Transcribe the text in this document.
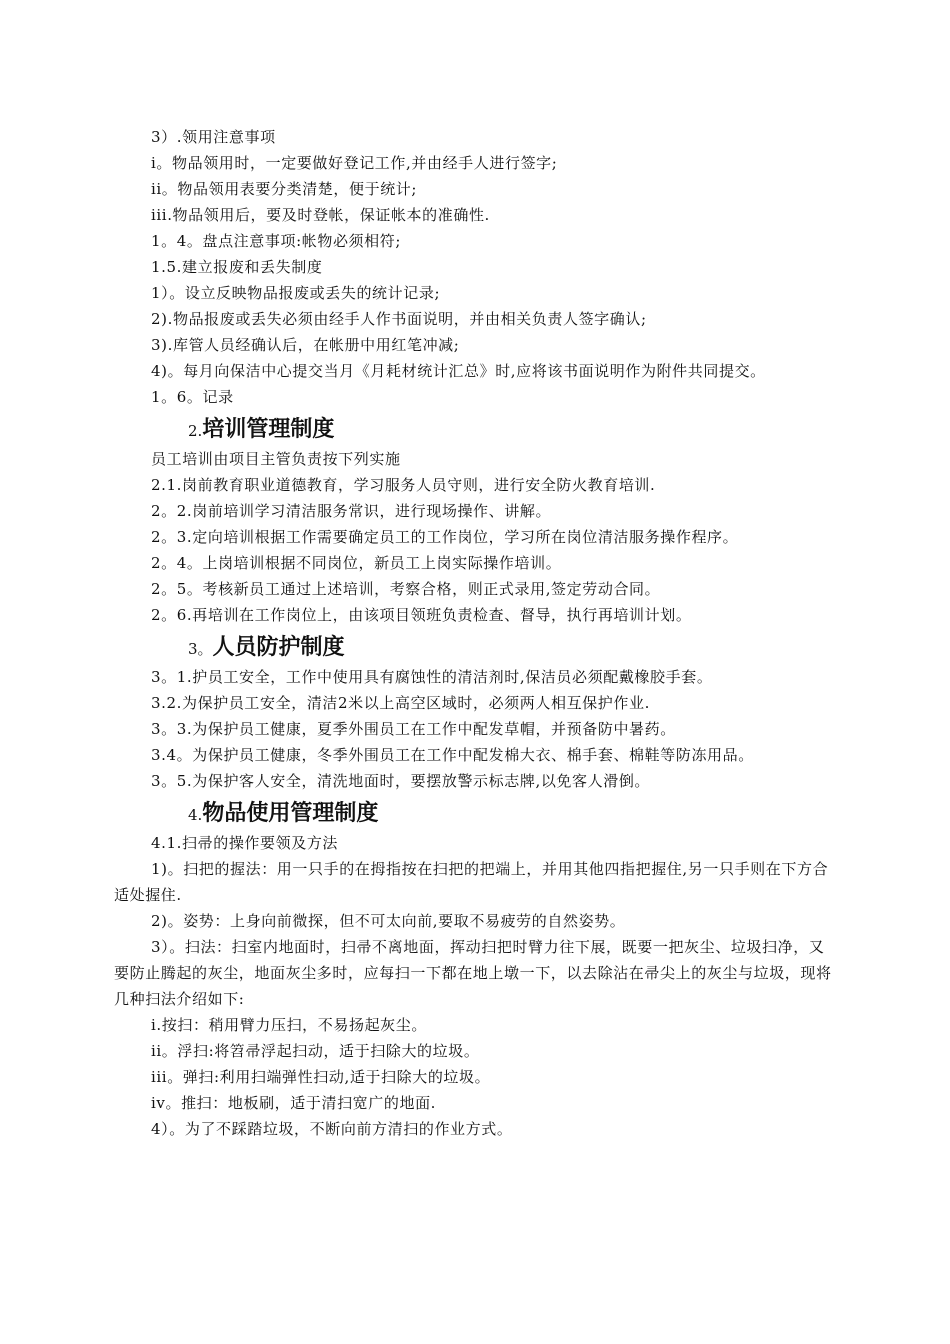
3）.领用注意事项

i。物品领用时，一定要做好登记工作,并由经手人进行签字;

ii。物品领用表要分类清楚，便于统计;

iii.物品领用后，要及时登帐，保证帐本的准确性.

1。4。盘点注意事项:帐物必须相符;

1.5.建立报废和丢失制度

1）。设立反映物品报废或丢失的统计记录;

2).物品报废或丢失必须由经手人作书面说明，并由相关负责人签字确认;

3).库管人员经确认后，在帐册中用红笔冲减;

4)。每月向保洁中心提交当月《月耗材统计汇总》时,应将该书面说明作为附件共同提交。

1。6。记录

2.培训管理制度

员工培训由项目主管负责按下列实施

2.1.岗前教育职业道德教育，学习服务人员守则，进行安全防火教育培训.

2。2.岗前培训学习清洁服务常识，进行现场操作、讲解。

2。3.定向培训根据工作需要确定员工的工作岗位，学习所在岗位清洁服务操作程序。

2。4。上岗培训根据不同岗位，新员工上岗实际操作培训。

2。5。考核新员工通过上述培训，考察合格，则正式录用,签定劳动合同。

2。6.再培训在工作岗位上，由该项目领班负责检查、督导，执行再培训计划。

3。人员防护制度

3。1.护员工安全，工作中使用具有腐蚀性的清洁剂时,保洁员必须配戴橡胶手套。

3.2.为保护员工安全，清洁2米以上高空区域时，必须两人相互保护作业.

3。3.为保护员工健康，夏季外围员工在工作中配发草帽，并预备防中暑药。

3.4。为保护员工健康，冬季外围员工在工作中配发棉大衣、棉手套、棉鞋等防冻用品。

3。5.为保护客人安全，清洗地面时，要摆放警示标志牌,以免客人滑倒。

4.物品使用管理制度

4.1.扫帚的操作要领及方法

1)。扫把的握法：用一只手的在拇指按在扫把的把端上，并用其他四指把握住,另一只手则在下方合适处握住.

2)。姿势：上身向前微探，但不可太向前,要取不易疲劳的自然姿势。

3）。扫法：扫室内地面时，扫帚不离地面，挥动扫把时臂力往下展，既要一把灰尘、垃圾扫净，又要防止腾起的灰尘，地面灰尘多时，应每扫一下都在地上墩一下，以去除沾在帚尖上的灰尘与垃圾，现将几种扫法介绍如下:

i.按扫：稍用臂力压扫，不易扬起灰尘。

ii。浮扫:将笤帚浮起扫动，适于扫除大的垃圾。

iii。弹扫:利用扫端弹性扫动,适于扫除大的垃圾。

iv。推扫：地板刷，适于清扫宽广的地面.

4）。为了不踩踏垃圾，不断向前方清扫的作业方式。
